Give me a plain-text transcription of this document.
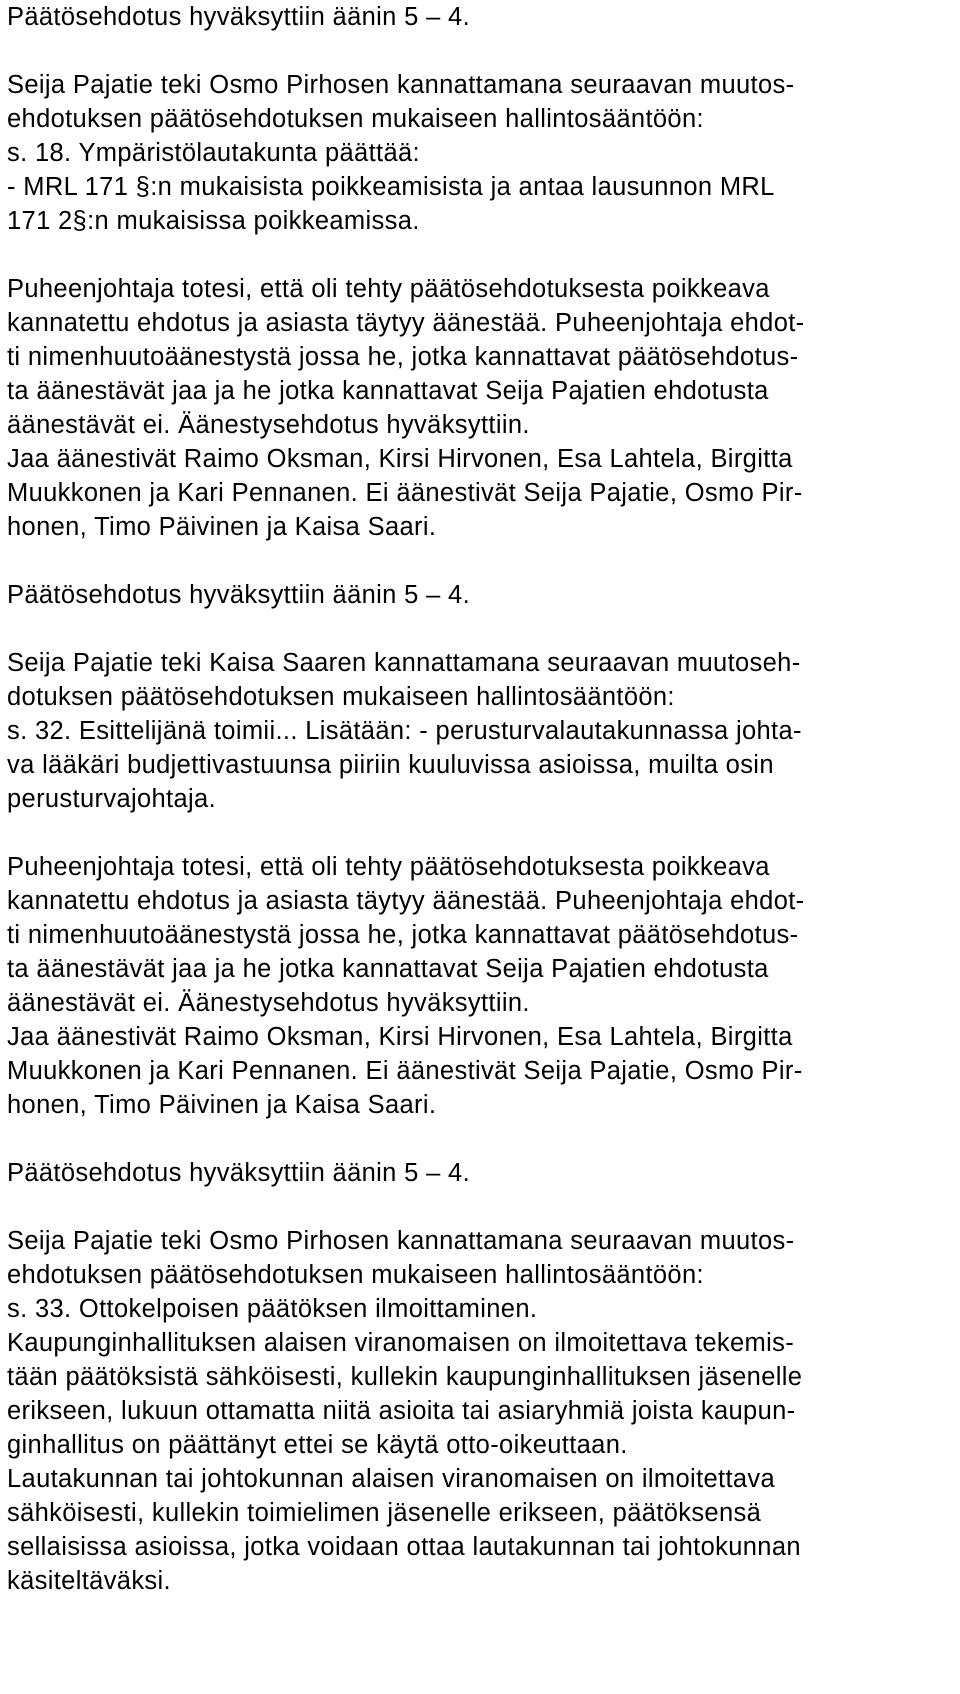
Päätösehdotus hyväksyttiin äänin 5 – 4.
Seija Pajatie teki Osmo Pirhosen kannattamana seuraavan muutos-
ehdotuksen päätösehdotuksen mukaiseen hallintosääntöön:
s. 18. Ympäristölautakunta päättää:
- MRL 171 §:n mukaisista poikkeamisista ja antaa lausunnon MRL
171 2§:n mukaisissa poikkeamissa.
Puheenjohtaja totesi, että oli tehty päätösehdotuksesta poikkeava
kannatettu ehdotus ja asiasta täytyy äänestää. Puheenjohtaja ehdot-
ti nimenhuutoäänestystä jossa he, jotka kannattavat päätösehdotus-
ta äänestävät jaa ja he jotka kannattavat Seija Pajatien ehdotusta
äänestävät ei. Äänestysehdotus hyväksyttiin.
Jaa äänestivät Raimo Oksman, Kirsi Hirvonen, Esa Lahtela, Birgitta
Muukkonen ja Kari Pennanen. Ei äänestivät Seija Pajatie, Osmo Pir-
honen, Timo Päivinen ja Kaisa Saari.
Päätösehdotus hyväksyttiin äänin 5 – 4.
Seija Pajatie teki Kaisa Saaren kannattamana seuraavan muutoseh-
dotuksen päätösehdotuksen mukaiseen hallintosääntöön:
s. 32. Esittelijänä toimii... Lisätään: - perusturvalautakunnassa johta-
va lääkäri budjettivastuunsa piiriin kuuluvissa asioissa, muilta osin
perusturvajohtaja.
Puheenjohtaja totesi, että oli tehty päätösehdotuksesta poikkeava
kannatettu ehdotus ja asiasta täytyy äänestää. Puheenjohtaja ehdot-
ti nimenhuutoäänestystä jossa he, jotka kannattavat päätösehdotus-
ta äänestävät jaa ja he jotka kannattavat Seija Pajatien ehdotusta
äänestävät ei. Äänestysehdotus hyväksyttiin.
Jaa äänestivät Raimo Oksman, Kirsi Hirvonen, Esa Lahtela, Birgitta
Muukkonen ja Kari Pennanen. Ei äänestivät Seija Pajatie, Osmo Pir-
honen, Timo Päivinen ja Kaisa Saari.
Päätösehdotus hyväksyttiin äänin 5 – 4.
Seija Pajatie teki Osmo Pirhosen kannattamana seuraavan muutos-
ehdotuksen päätösehdotuksen mukaiseen hallintosääntöön:
s. 33. Ottokelpoisen päätöksen ilmoittaminen.
Kaupunginhallituksen alaisen viranomaisen on ilmoitettava tekemis-
tään päätöksistä sähköisesti, kullekin kaupunginhallituksen jäsenelle
erikseen, lukuun ottamatta niitä asioita tai asiaryhmiä joista kaupun-
ginhallitus on päättänyt ettei se käytä otto-oikeuttaan.
Lautakunnan tai johtokunnan alaisen viranomaisen on ilmoitettava
sähköisesti, kullekin toimielimen jäsenelle erikseen, päätöksensä
sellaisissa asioissa, jotka voidaan ottaa lautakunnan tai johtokunnan
käsiteltäväksi.
